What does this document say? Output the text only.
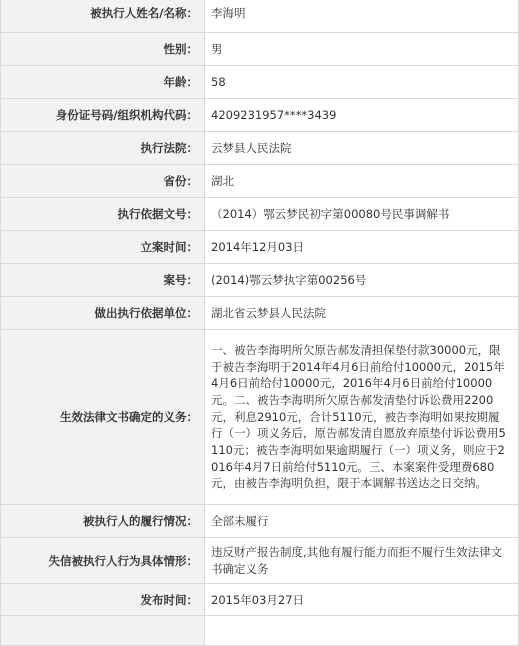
被执行人姓名/名称：	李海明
性别：	男
年龄：	58
身份证号码/组织机构代码：	4209231957****3439
执行法院：	云梦县人民法院
省份：	湖北
执行依据文号：	（2014）鄂云梦民初字第00080号民事调解书
立案时间：	2014年12月03日
案号：	(2014)鄂云梦执字第00256号
做出执行依据单位：	湖北省云梦县人民法院
生效法律文书确定的义务：	一、被告李海明所欠原告郝发清担保垫付款30000元，限于被告李海明于2014年4月6日前给付10000元，2015年4月6日前给付10000元，2016年4月6日前给付10000元。二、被告李海明所欠原告郝发清垫付诉讼费用2200元，利息2910元，合计5110元，被告李海明如果按期履行（一）项义务后，原告郝发清自愿放弃原垫付诉讼费用5110元；被告李海明如果逾期履行（一）项义务，则应于2016年4月7日前给付5110元。三、本案案件受理费680元，由被告李海明负担，限于本调解书送达之日交纳。
被执行人的履行情况：	全部未履行
失信被执行人行为具体情形：	违反财产报告制度,其他有履行能力而拒不履行生效法律文书确定义务
发布时间：	2015年03月27日
